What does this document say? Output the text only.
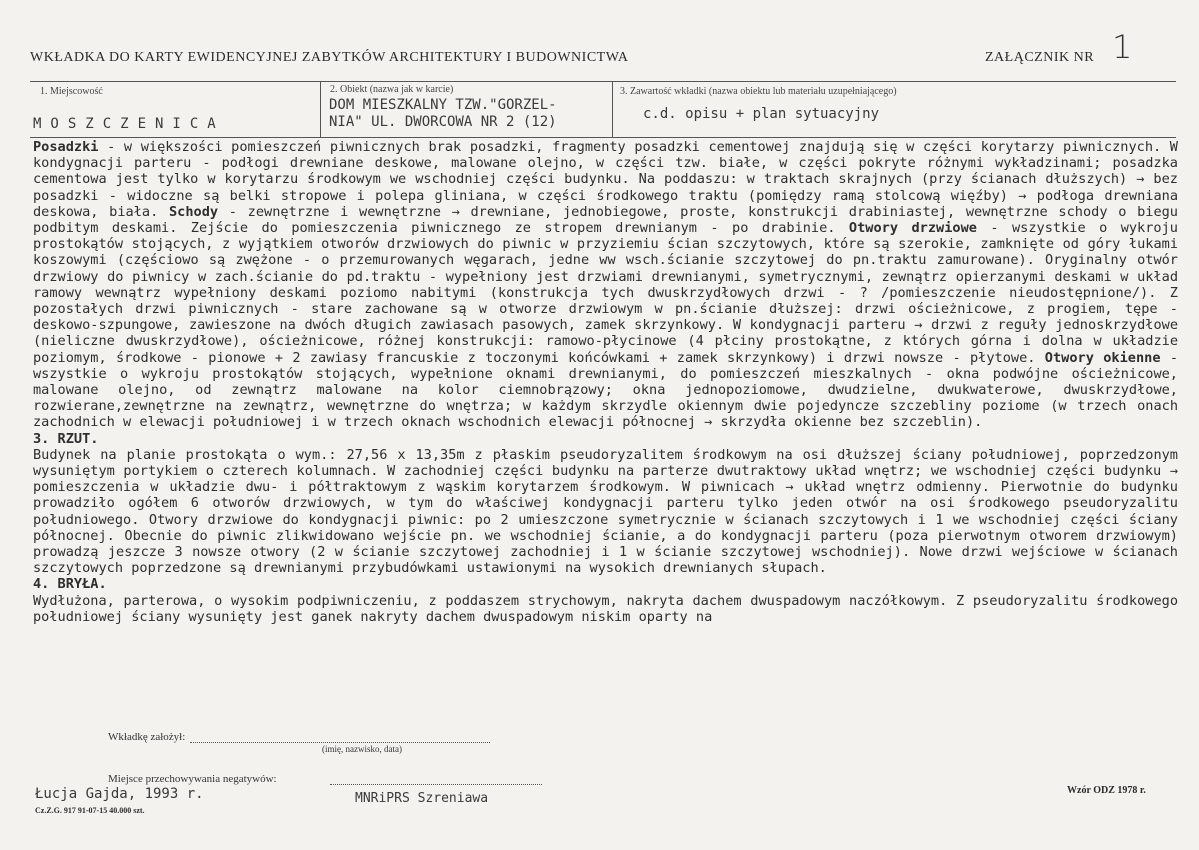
WKŁADKA DO KARTY EWIDENCYJNEJ ZABYTKÓW ARCHITEKTURY I BUDOWNICTWA	ZAŁĄCZNIK NR 1
1. Miejscowość
MOSZCZENICA
2. Obiekt (nazwa jak w karcie)
DOM MIESZKALNY TZW."GORZEL-
NIA" UL. DWORCOWA NR 2 (12)
3. Zawartość wkładki (nazwa obiektu lub materiału uzupełniającego)
c.d. opisu + plan sytuacyjny

Posadzki - w większości pomieszczeń piwnicznych brak posadzki, fragmenty posadzki cementowej znajdują się w części korytarzy piwnicznych. W kondygnacji parteru - podłogi drewniane deskowe, malowane olejno, w części tzw. białe, w części pokryte różnymi wykładzinami; posadzka cementowa jest tylko w korytarzu środkowym we wschodniej części budynku. Na poddaszu: w traktach skrajnych (przy ścianach dłuższych) → bez posadzki - widoczne są belki stropowe i polepa gliniana, w części środkowego traktu (pomiędzy ramą stolcową więźby) → podłoga drewniana deskowa, biała. Schody - zewnętrzne i wewnętrzne → drewniane, jednobiegowe, proste, konstrukcji drabiniastej, wewnętrzne schody o biegu podbitym deskami. Zejście do pomieszczenia piwnicznego ze stropem drewnianym - po drabinie. Otwory drzwiowe - wszystkie o wykroju prostokątów stojących, z wyjątkiem otworów drzwiowych do piwnic w przyziemiu ścian szczytowych, które są szerokie, zamknięte od góry łukami koszowymi (częściowo są zwężone - o przemurowanych węgarach, jedne ww wsch.ścianie szczytowej do pn.traktu zamurowane). Oryginalny otwór drzwiowy do piwnicy w zach.ścianie do pd.traktu - wypełniony jest drzwiami drewnianymi, symetrycznymi, zewnątrz opierzanymi deskami w układ ramowy wewnątrz wypełniony deskami poziomo nabitymi (konstrukcja tych dwuskrzydłowych drzwi - ? /pomieszczenie nieudostępnione/). Z pozostałych drzwi piwnicznych - stare zachowane są w otworze drzwiowym w pn.ścianie dłuższej: drzwi ościeżnicowe, z progiem, tępe - deskowo-szpungowe, zawieszone na dwóch długich zawiasach pasowych, zamek skrzynkowy. W kondygnacji parteru → drzwi z reguły jednoskrzydłowe (nieliczne dwuskrzydłowe), ościeżnicowe, różnej konstrukcji: ramowo-płycinowe (4 płciny prostokątne, z których górna i dolna w układzie poziomym, środkowe - pionowe + 2 zawiasy francuskie z toczonymi końcówkami + zamek skrzynkowy) i drzwi nowsze - płytowe. Otwory okienne - wszystkie o wykroju prostokątów stojących, wypełnione oknami drewnianymi, do pomieszczeń mieszkalnych - okna podwójne ościeżnicowe, malowane olejno, od zewnątrz malowane na kolor ciemnobrązowy; okna jednopoziomowe, dwudzielne, dwukwaterowe, dwuskrzydłowe, rozwierane,zewnętrzne na zewnątrz, wewnętrzne do wnętrza; w każdym skrzydle okiennym dwie pojedyncze szczebliny poziome (w trzech onach zachodnich w elewacji południowej i w trzech oknach wschodnich elewacji północnej → skrzydła okienne bez szczeblin).

3. RZUT.

Budynek na planie prostokąta o wym.: 27,56 x 13,35m z płaskim pseudoryzalitem środkowym na osi dłuższej ściany południowej, poprzedzonym wysuniętym portykiem o czterech kolumnach. W zachodniej części budynku na parterze dwutraktowy układ wnętrz; we wschodniej części budynku → pomieszczenia w układzie dwu- i półtraktowym z wąskim korytarzem środkowym. W piwnicach → układ wnętrz odmienny. Pierwotnie do budynku prowadziło ogółem 6 otworów drzwiowych, w tym do właściwej kondygnacji parteru tylko jeden otwór na osi środkowego pseudoryzalitu południowego. Otwory drzwiowe do kondygnacji piwnic: po 2 umieszczone symetrycznie w ścianach szczytowych i 1 we wschodniej części ściany północnej. Obecnie do piwnic zlikwidowano wejście pn. we wschodniej ścianie, a do kondygnacji parteru (poza pierwotnym otworem drzwiowym) prowadzą jeszcze 3 nowsze otwory (2 w ścianie szczytowej zachodniej i 1 w ścianie szczytowej wschodniej). Nowe drzwi wejściowe w ścianach szczytowych poprzedzone są drewnianymi przybudówkami ustawionymi na wysokich drewnianych słupach.

4. BRYŁA.

Wydłużona, parterowa, o wysokim podpiwniczeniu, z poddaszem strychowym, nakryta dachem dwuspadowym naczółkowym. Z pseudoryzalitu środkowego południowej ściany wysunięty jest ganek nakryty dachem dwuspadowym niskim oparty na

Wkładkę założył:
(imię, nazwisko, data)
Miejsce przechowywania negatywów:
Łucja Gajda, 1993 r.
Cz.Z.G. 917 91-07-15 40.000 szt.
MNRiPRS Szreniawa
Wzór ODZ 1978 r.
